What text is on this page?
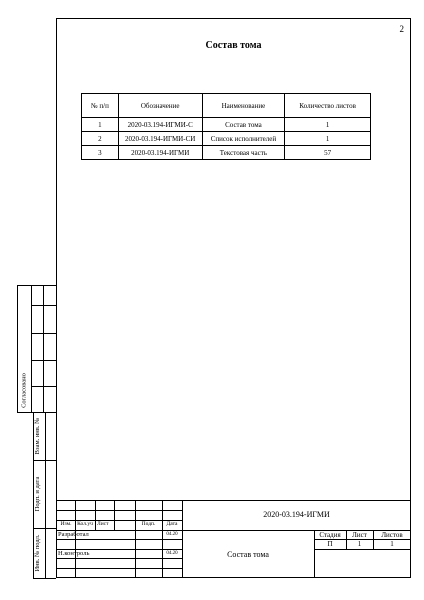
2
Состав тома
№ п/п	Обозначение	Наименование	Количество листов
1	2020-03.194-ИГМИ-С	Состав тома	1
2	2020-03.194-ИГМИ-СИ	Список исполнителей	1
3	2020-03.194-ИГМИ	Текстовая часть	57
Согласовано
Взам. инв. №
Подп. и дата
Инв. № подл.
2020-03.194-ИГМИ
Изм.	Кол.уч Лист	Подп.	Дата
Разработал	04.20
Н.контроль	04.20	Состав тома
Стадия	Лист	Листов
П	1	1
